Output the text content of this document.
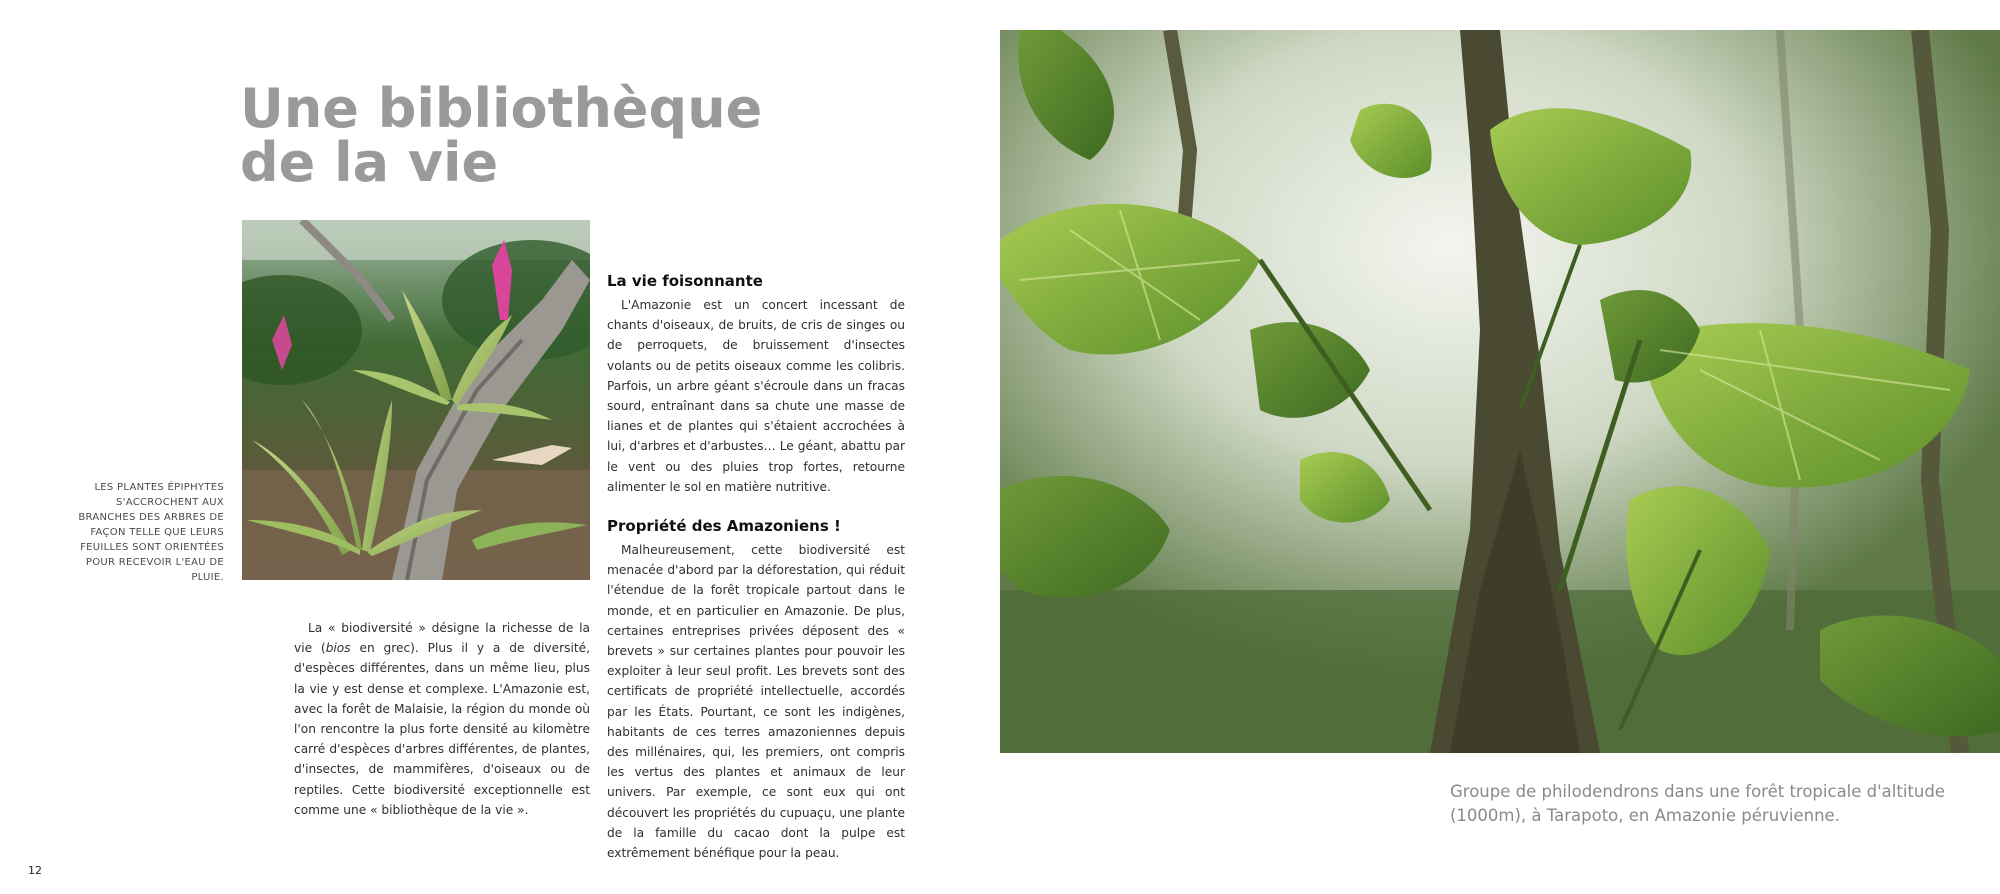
Une bibliothèque
de la vie
LES PLANTES ÉPIPHYTES S'ACCROCHENT AUX BRANCHES DES ARBRES DE FAÇON TELLE QUE LEURS FEUILLES SONT ORIENTÉES POUR RECEVOIR L'EAU DE PLUIE.

La « biodiversité » désigne la richesse de la vie (bios en grec). Plus il y a de diversité, d'espèces différentes, dans un même lieu, plus la vie y est dense et complexe. L'Amazonie est, avec la forêt de Malaisie, la région du monde où l'on rencontre la plus forte densité au kilomètre carré d'espèces d'arbres différentes, de plantes, d'insectes, de mammifères, d'oiseaux ou de reptiles. Cette biodiversité exceptionnelle est comme une « bibliothèque de la vie ».

La vie foisonnante

L'Amazonie est un concert incessant de chants d'oiseaux, de bruits, de cris de singes ou de perroquets, de bruissement d'insectes volants ou de petits oiseaux comme les colibris. Parfois, un arbre géant s'écroule dans un fracas sourd, entraînant dans sa chute une masse de lianes et de plantes qui s'étaient accrochées à lui, d'arbres et d'arbustes… Le géant, abattu par le vent ou des pluies trop fortes, retourne alimenter le sol en matière nutritive.

Propriété des Amazoniens !

Malheureusement, cette biodiversité est menacée d'abord par la déforestation, qui réduit l'étendue de la forêt tropicale partout dans le monde, et en particulier en Amazonie. De plus, certaines entreprises privées déposent des « brevets » sur certaines plantes pour pouvoir les exploiter à leur seul profit. Les brevets sont des certificats de propriété intellectuelle, accordés par les États. Pourtant, ce sont les indigènes, habitants de ces terres amazoniennes depuis des millénaires, qui, les premiers, ont compris les vertus des plantes et animaux de leur univers. Par exemple, ce sont eux qui ont découvert les propriétés du cupuaçu, une plante de la famille du cacao dont la pulpe est extrêmement bénéfique pour la peau.

Groupe de philodendrons dans une forêt tropicale d'altitude (1000m), à Tarapoto, en Amazonie péruvienne.
12
